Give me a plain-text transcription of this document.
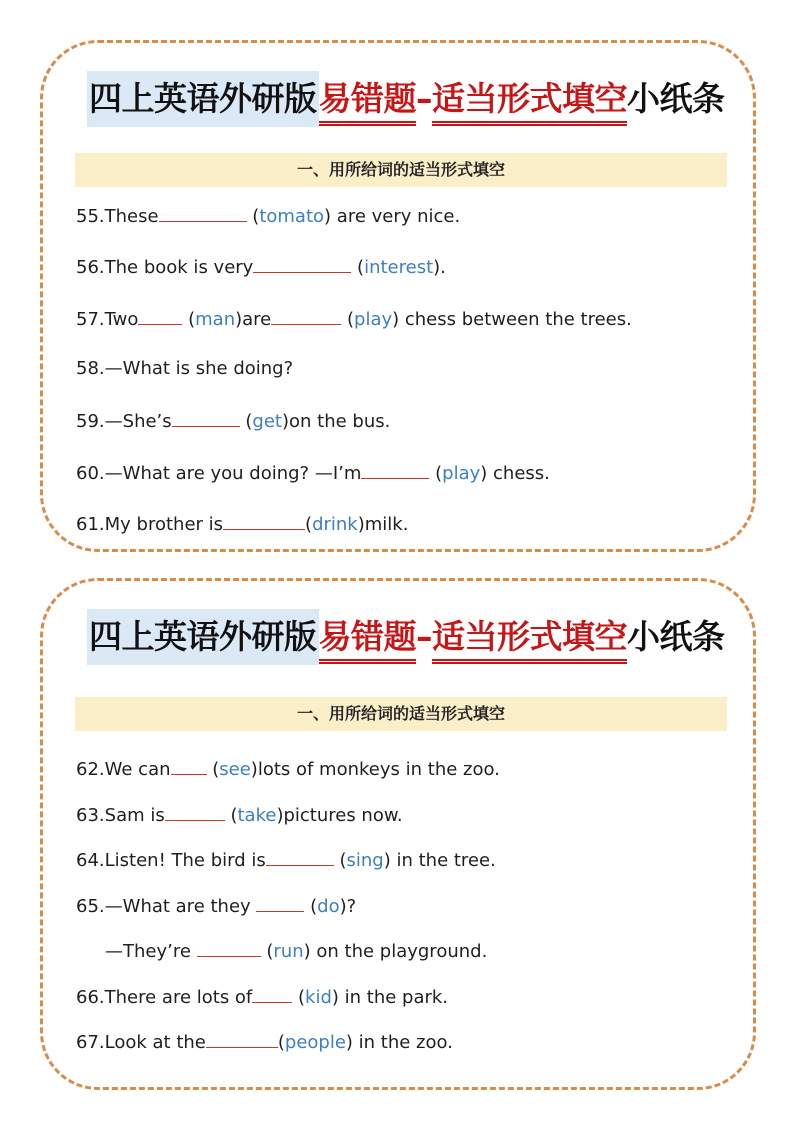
四上英语外研版易错题–适当形式填空小纸条
一、用所给词的适当形式填空
55.These	(tomato) are very nice.
56.The book is very	(interest).
57.Two (man)are	(play) chess between the trees.
58.—What is she doing?
59.—She’s	(get)on the bus.
60.—What are you doing? —I’m	(play) chess.
61.My brother is	(drink)milk.
四上英语外研版易错题–适当形式填空小纸条
一、用所给词的适当形式填空
62.We can (see)lots of monkeys in the zoo.
63.Sam is	(take)pictures now.
64.Listen! The bird is	(sing) in the tree.
65.—What are they	(do)?
—They’re	(run) on the playground.
66.There are lots of (kid) in the park.
67.Look at the	(people) in the zoo.
